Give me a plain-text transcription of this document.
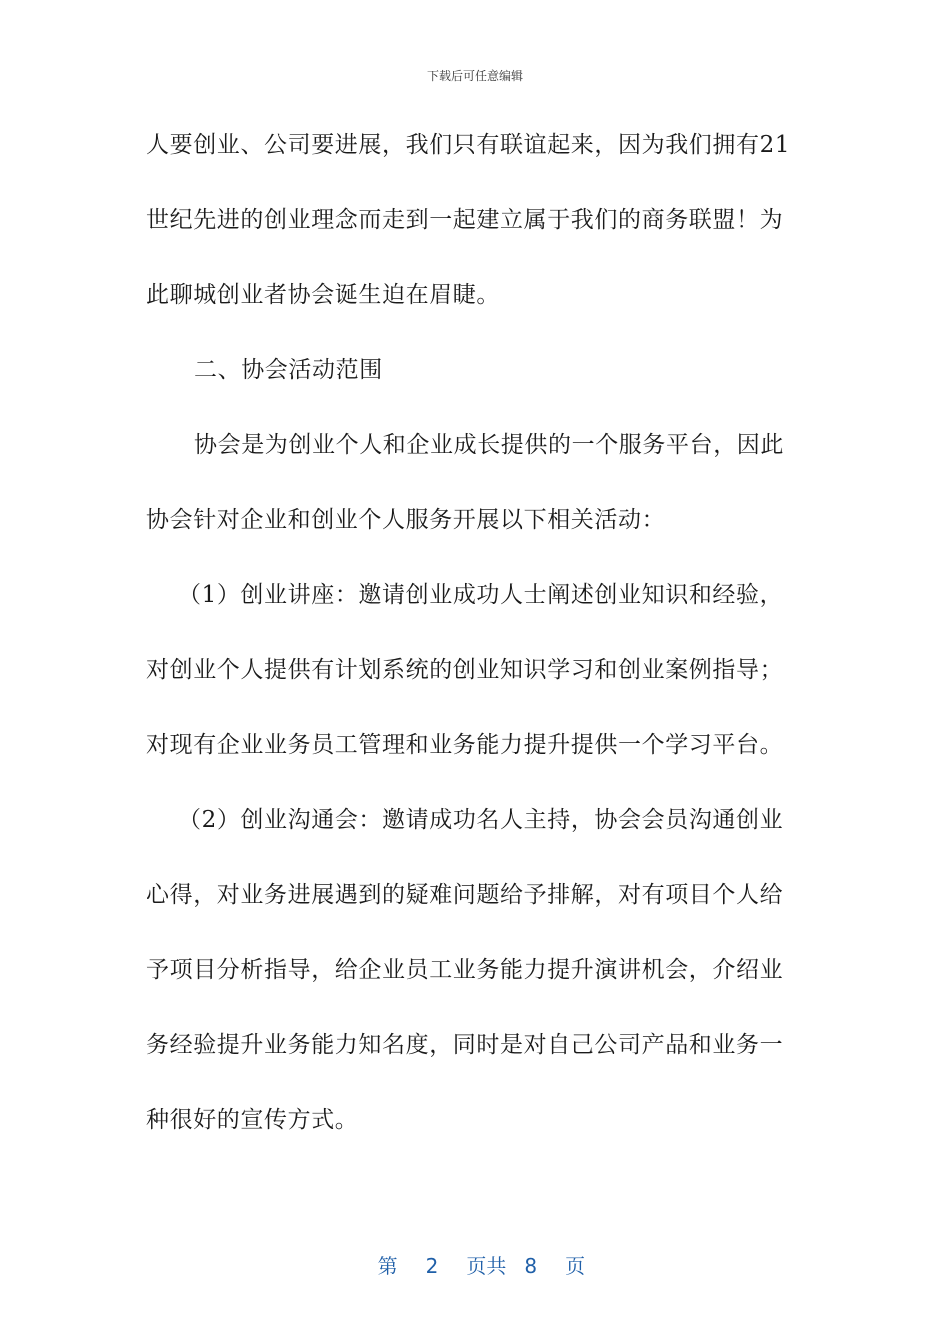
下载后可任意编辑
人要创业、公司要进展，我们只有联谊起来，因为我们拥有21
世纪先进的创业理念而走到一起建立属于我们的商务联盟！为
此聊城创业者协会诞生迫在眉睫。
二、协会活动范围
协会是为创业个人和企业成长提供的一个服务平台，因此
协会针对企业和创业个人服务开展以下相关活动：
（1）创业讲座：邀请创业成功人士阐述创业知识和经验，
对创业个人提供有计划系统的创业知识学习和创业案例指导；
对现有企业业务员工管理和业务能力提升提供一个学习平台。
（2）创业沟通会：邀请成功名人主持，协会会员沟通创业
心得，对业务进展遇到的疑难问题给予排解，对有项目个人给
予项目分析指导，给企业员工业务能力提升演讲机会，介绍业
务经验提升业务能力知名度，同时是对自己公司产品和业务一
种很好的宣传方式。

第 2 页共 8 页
